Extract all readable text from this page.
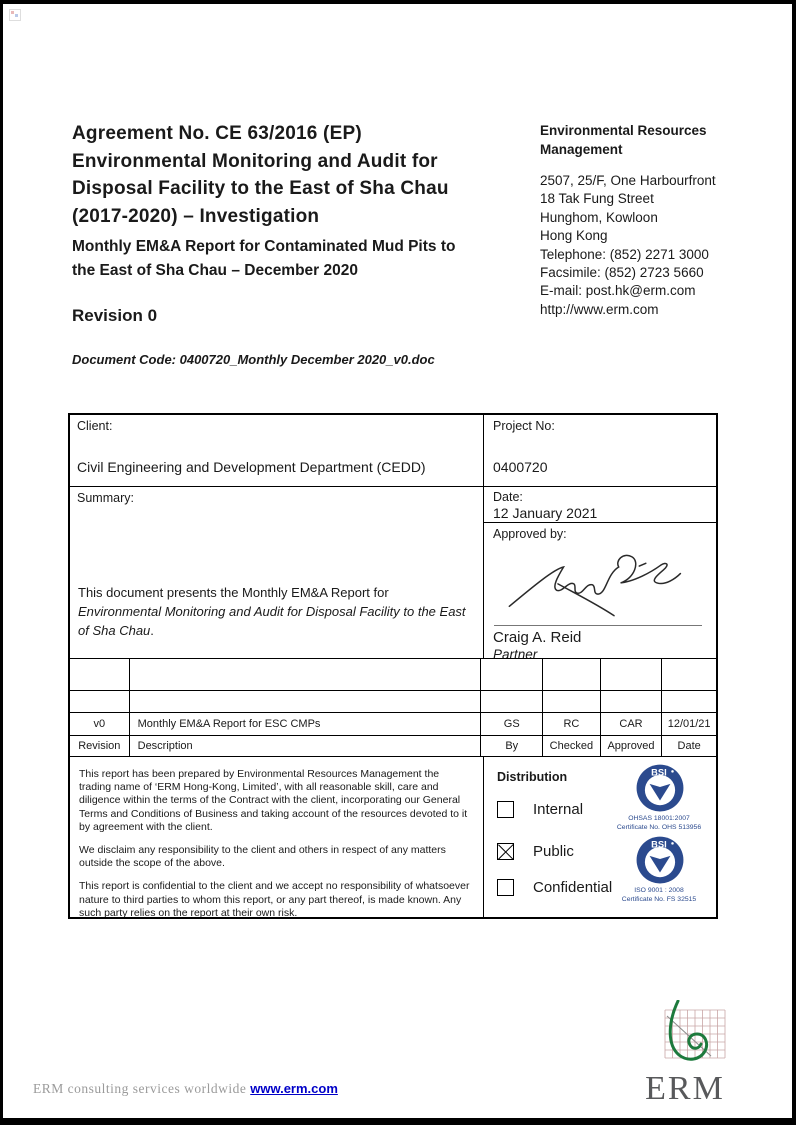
Agreement No. CE 63/2016 (EP)
Environmental Monitoring and Audit for
Disposal Facility to the East of Sha Chau
(2017-2020) – Investigation
Monthly EM&A Report for Contaminated Mud Pits to
the East of Sha Chau – December 2020
Revision 0
Document Code: 0400720_Monthly December 2020_v0.doc
Environmental Resources
Management
2507, 25/F, One Harbourfront
18 Tak Fung Street
Hunghom, Kowloon
Hong Kong
Telephone: (852) 2271 3000
Facsimile: (852) 2723 5660
E-mail: post.hk@erm.com
http://www.erm.com
Client:
Civil Engineering and Development Department (CEDD)
Project No:
0400720
Summary:
This document presents the Monthly EM&A Report for Environmental Monitoring and Audit for Disposal Facility to the East of Sha Chau.
Date:
12 January 2021
Approved by:
Craig A. Reid
Partner
v0	Monthly EM&A Report for ESC CMPs	GS	RC	CAR	12/01/21
Revision	Description	By	Checked	Approved	Date

This report has been prepared by Environmental Resources Management the trading name of ‘ERM Hong-Kong, Limited’, with all reasonable skill, care and diligence within the terms of the Contract with the client, incorporating our General Terms and Conditions of Business and taking account of the resources devoted to it by agreement with the client.

We disclaim any responsibility to the client and others in respect of any matters outside the scope of the above.

This report is confidential to the client and we accept no responsibility of whatsoever nature to third parties to whom this report, or any part thereof, is made known. Any such party relies on the report at their own risk.

Distribution
Internal
Public
Confidential
BSI
OHSAS 18001:2007
Certificate No. OHS 513956
BSI
ISO 9001 : 2008
Certificate No. FS 32515
ERM
ERM consulting services worldwide www.erm.com
